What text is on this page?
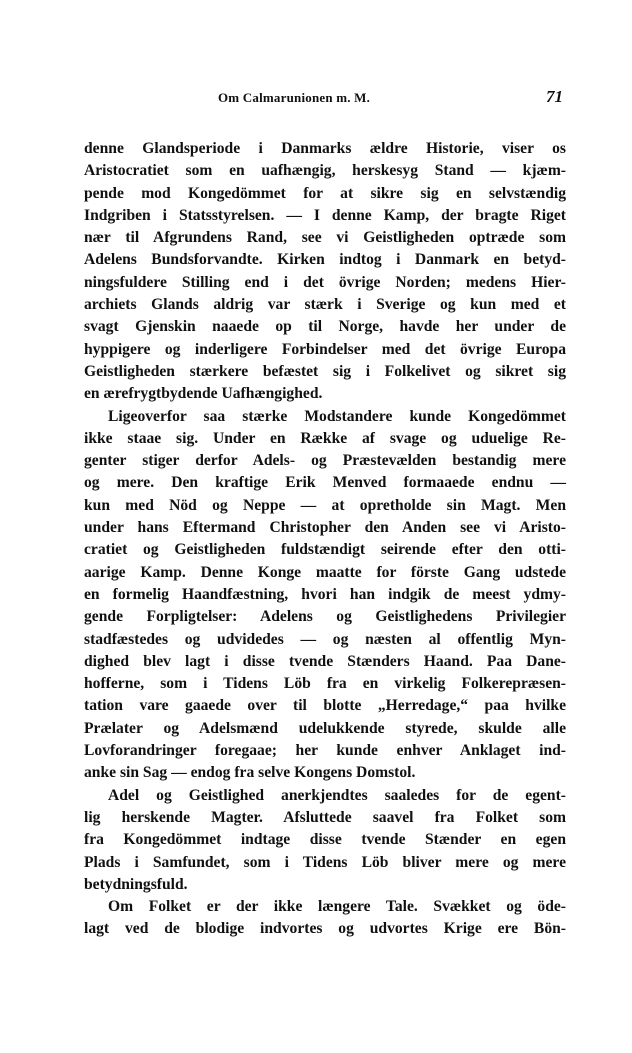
Om Calmarunionen m. M.	71
denne Glandsperiode i Danmarks ældre Historie, viser os
Aristocratiet som en uafhængig, herskesyg Stand — kjæm-
pende mod Kongedömmet for at sikre sig en selvstændig
Indgriben i Statsstyrelsen. — I denne Kamp, der bragte Riget
nær til Afgrundens Rand, see vi Geistligheden optræde som
Adelens Bundsforvandte. Kirken indtog i Danmark en betyd-
ningsfuldere Stilling end i det övrige Norden; medens Hier-
archiets Glands aldrig var stærk i Sverige og kun med et
svagt Gjenskin naaede op til Norge, havde her under de
hyppigere og inderligere Forbindelser med det övrige Europa
Geistligheden stærkere befæstet sig i Folkelivet og sikret sig
en ærefrygtbydende Uafhængighed.
Ligeoverfor saa stærke Modstandere kunde Kongedömmet
ikke staae sig. Under en Række af svage og uduelige Re-
genter stiger derfor Adels- og Præstevælden bestandig mere
og mere. Den kraftige Erik Menved formaaede endnu —
kun med Nöd og Neppe — at opretholde sin Magt. Men
under hans Eftermand Christopher den Anden see vi Aristo-
cratiet og Geistligheden fuldstændigt seirende efter den otti-
aarige Kamp. Denne Konge maatte for förste Gang udstede
en formelig Haandfæstning, hvori han indgik de meest ydmy-
gende Forpligtelser: Adelens og Geistlighedens Privilegier
stadfæstedes og udvidedes — og næsten al offentlig Myn-
dighed blev lagt i disse tvende Stænders Haand. Paa Dane-
hofferne, som i Tidens Löb fra en virkelig Folkerepræsen-
tation vare gaaede over til blotte „Herredage,“ paa hvilke
Prælater og Adelsmænd udelukkende styrede, skulde alle
Lovforandringer foregaae; her kunde enhver Anklaget ind-
anke sin Sag — endog fra selve Kongens Domstol.
Adel og Geistlighed anerkjendtes saaledes for de egent-
lig herskende Magter. Afsluttede saavel fra Folket som
fra Kongedömmet indtage disse tvende Stænder en egen
Plads i Samfundet, som i Tidens Löb bliver mere og mere
betydningsfuld.
Om Folket er der ikke længere Tale. Svækket og öde-
lagt ved de blodige indvortes og udvortes Krige ere Bön-
